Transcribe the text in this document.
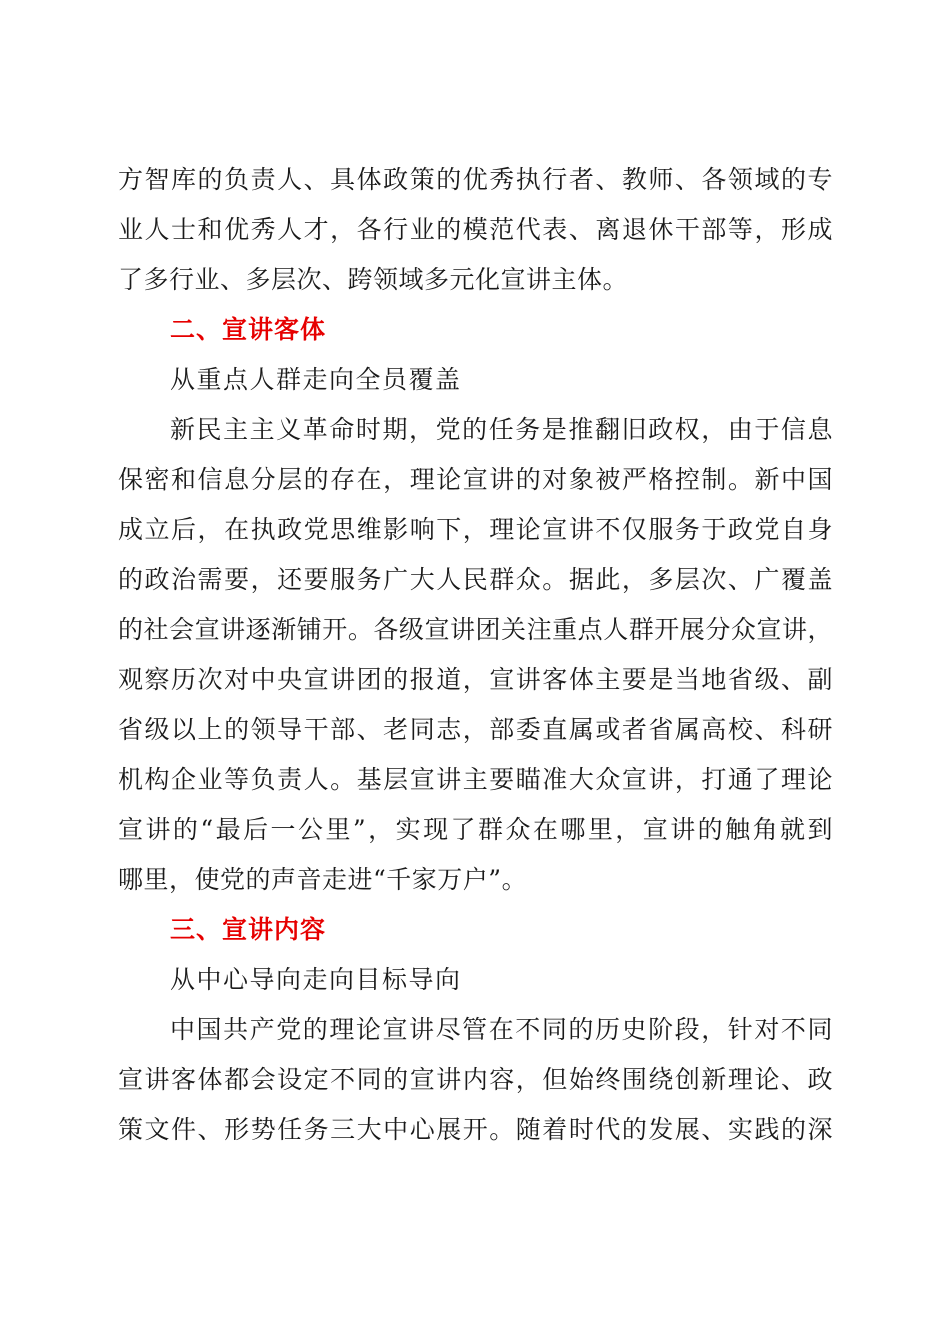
方智库的负责人、具体政策的优秀执行者、教师、各领域的专
业人士和优秀人才，各行业的模范代表、离退休干部等，形成
了多行业、多层次、跨领域多元化宣讲主体。
二、宣讲客体
从重点人群走向全员覆盖
新民主主义革命时期，党的任务是推翻旧政权，由于信息
保密和信息分层的存在，理论宣讲的对象被严格控制。新中国
成立后，在执政党思维影响下，理论宣讲不仅服务于政党自身
的政治需要，还要服务广大人民群众。据此，多层次、广覆盖
的社会宣讲逐渐铺开。各级宣讲团关注重点人群开展分众宣讲，
观察历次对中央宣讲团的报道，宣讲客体主要是当地省级、副
省级以上的领导干部、老同志，部委直属或者省属高校、科研
机构企业等负责人。基层宣讲主要瞄准大众宣讲，打通了理论
宣讲的“最后一公里”，实现了群众在哪里，宣讲的触角就到
哪里，使党的声音走进“千家万户”。
三、宣讲内容
从中心导向走向目标导向
中国共产党的理论宣讲尽管在不同的历史阶段，针对不同
宣讲客体都会设定不同的宣讲内容，但始终围绕创新理论、政
策文件、形势任务三大中心展开。随着时代的发展、实践的深
